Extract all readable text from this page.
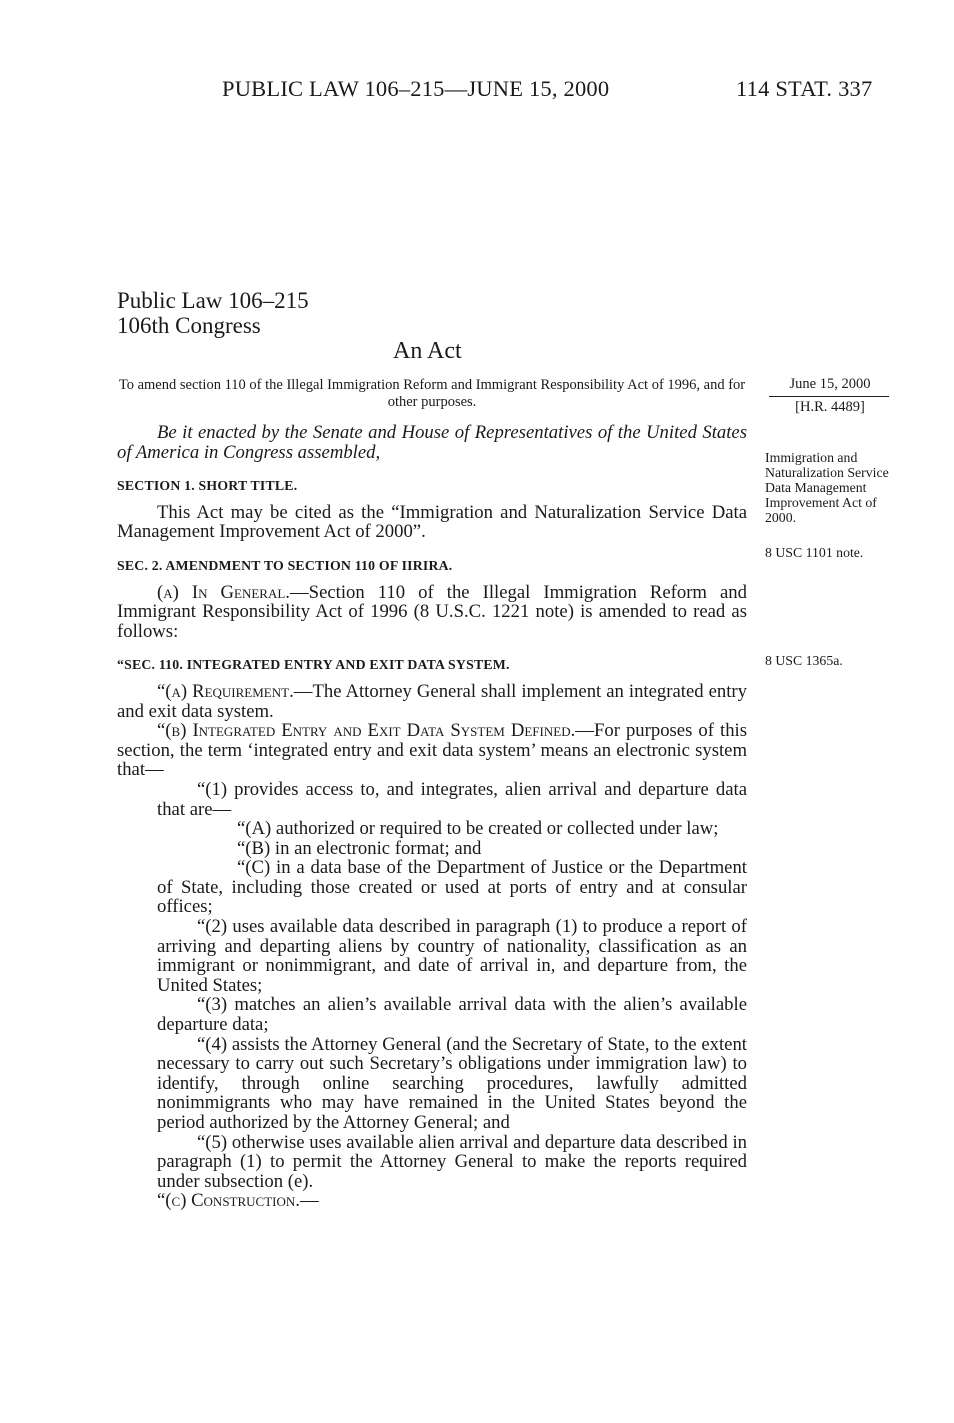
PUBLIC LAW 106–215—JUNE 15, 2000	114 STAT. 337
Public Law 106–215
106th Congress
An Act
To amend section 110 of the Illegal Immigration Reform and Immigrant Responsibility Act of 1996, and for other purposes.
June 15, 2000
[H.R. 4489]

Be it enacted by the Senate and House of Representatives of the United States of America in Congress assembled,

SECTION 1. SHORT TITLE.

This Act may be cited as the “Immigration and Naturalization Service Data Management Improvement Act of 2000”.

SEC. 2. AMENDMENT TO SECTION 110 OF IIRIRA.

(a) In General.—Section 110 of the Illegal Immigration Reform and Immigrant Responsibility Act of 1996 (8 U.S.C. 1221 note) is amended to read as follows:

“SEC. 110. INTEGRATED ENTRY AND EXIT DATA SYSTEM.

“(a) Requirement.—The Attorney General shall implement an integrated entry and exit data system.

“(b) Integrated Entry and Exit Data System Defined.—For purposes of this section, the term ‘integrated entry and exit data system’ means an electronic system that—

“(1) provides access to, and integrates, alien arrival and departure data that are—

“(A) authorized or required to be created or collected under law;

“(B) in an electronic format; and

“(C) in a data base of the Department of Justice or the Department of State, including those created or used at ports of entry and at consular offices;

“(2) uses available data described in paragraph (1) to produce a report of arriving and departing aliens by country of nationality, classification as an immigrant or nonimmigrant, and date of arrival in, and departure from, the United States;

“(3) matches an alien’s available arrival data with the alien’s available departure data;

“(4) assists the Attorney General (and the Secretary of State, to the extent necessary to carry out such Secretary’s obligations under immigration law) to identify, through online searching procedures, lawfully admitted nonimmigrants who may have remained in the United States beyond the period authorized by the Attorney General; and

“(5) otherwise uses available alien arrival and departure data described in paragraph (1) to permit the Attorney General to make the reports required under subsection (e).

“(c) Construction.—

Immigration and Naturalization Service Data Management Improvement Act of 2000.
8 USC 1101 note.
8 USC 1365a.
